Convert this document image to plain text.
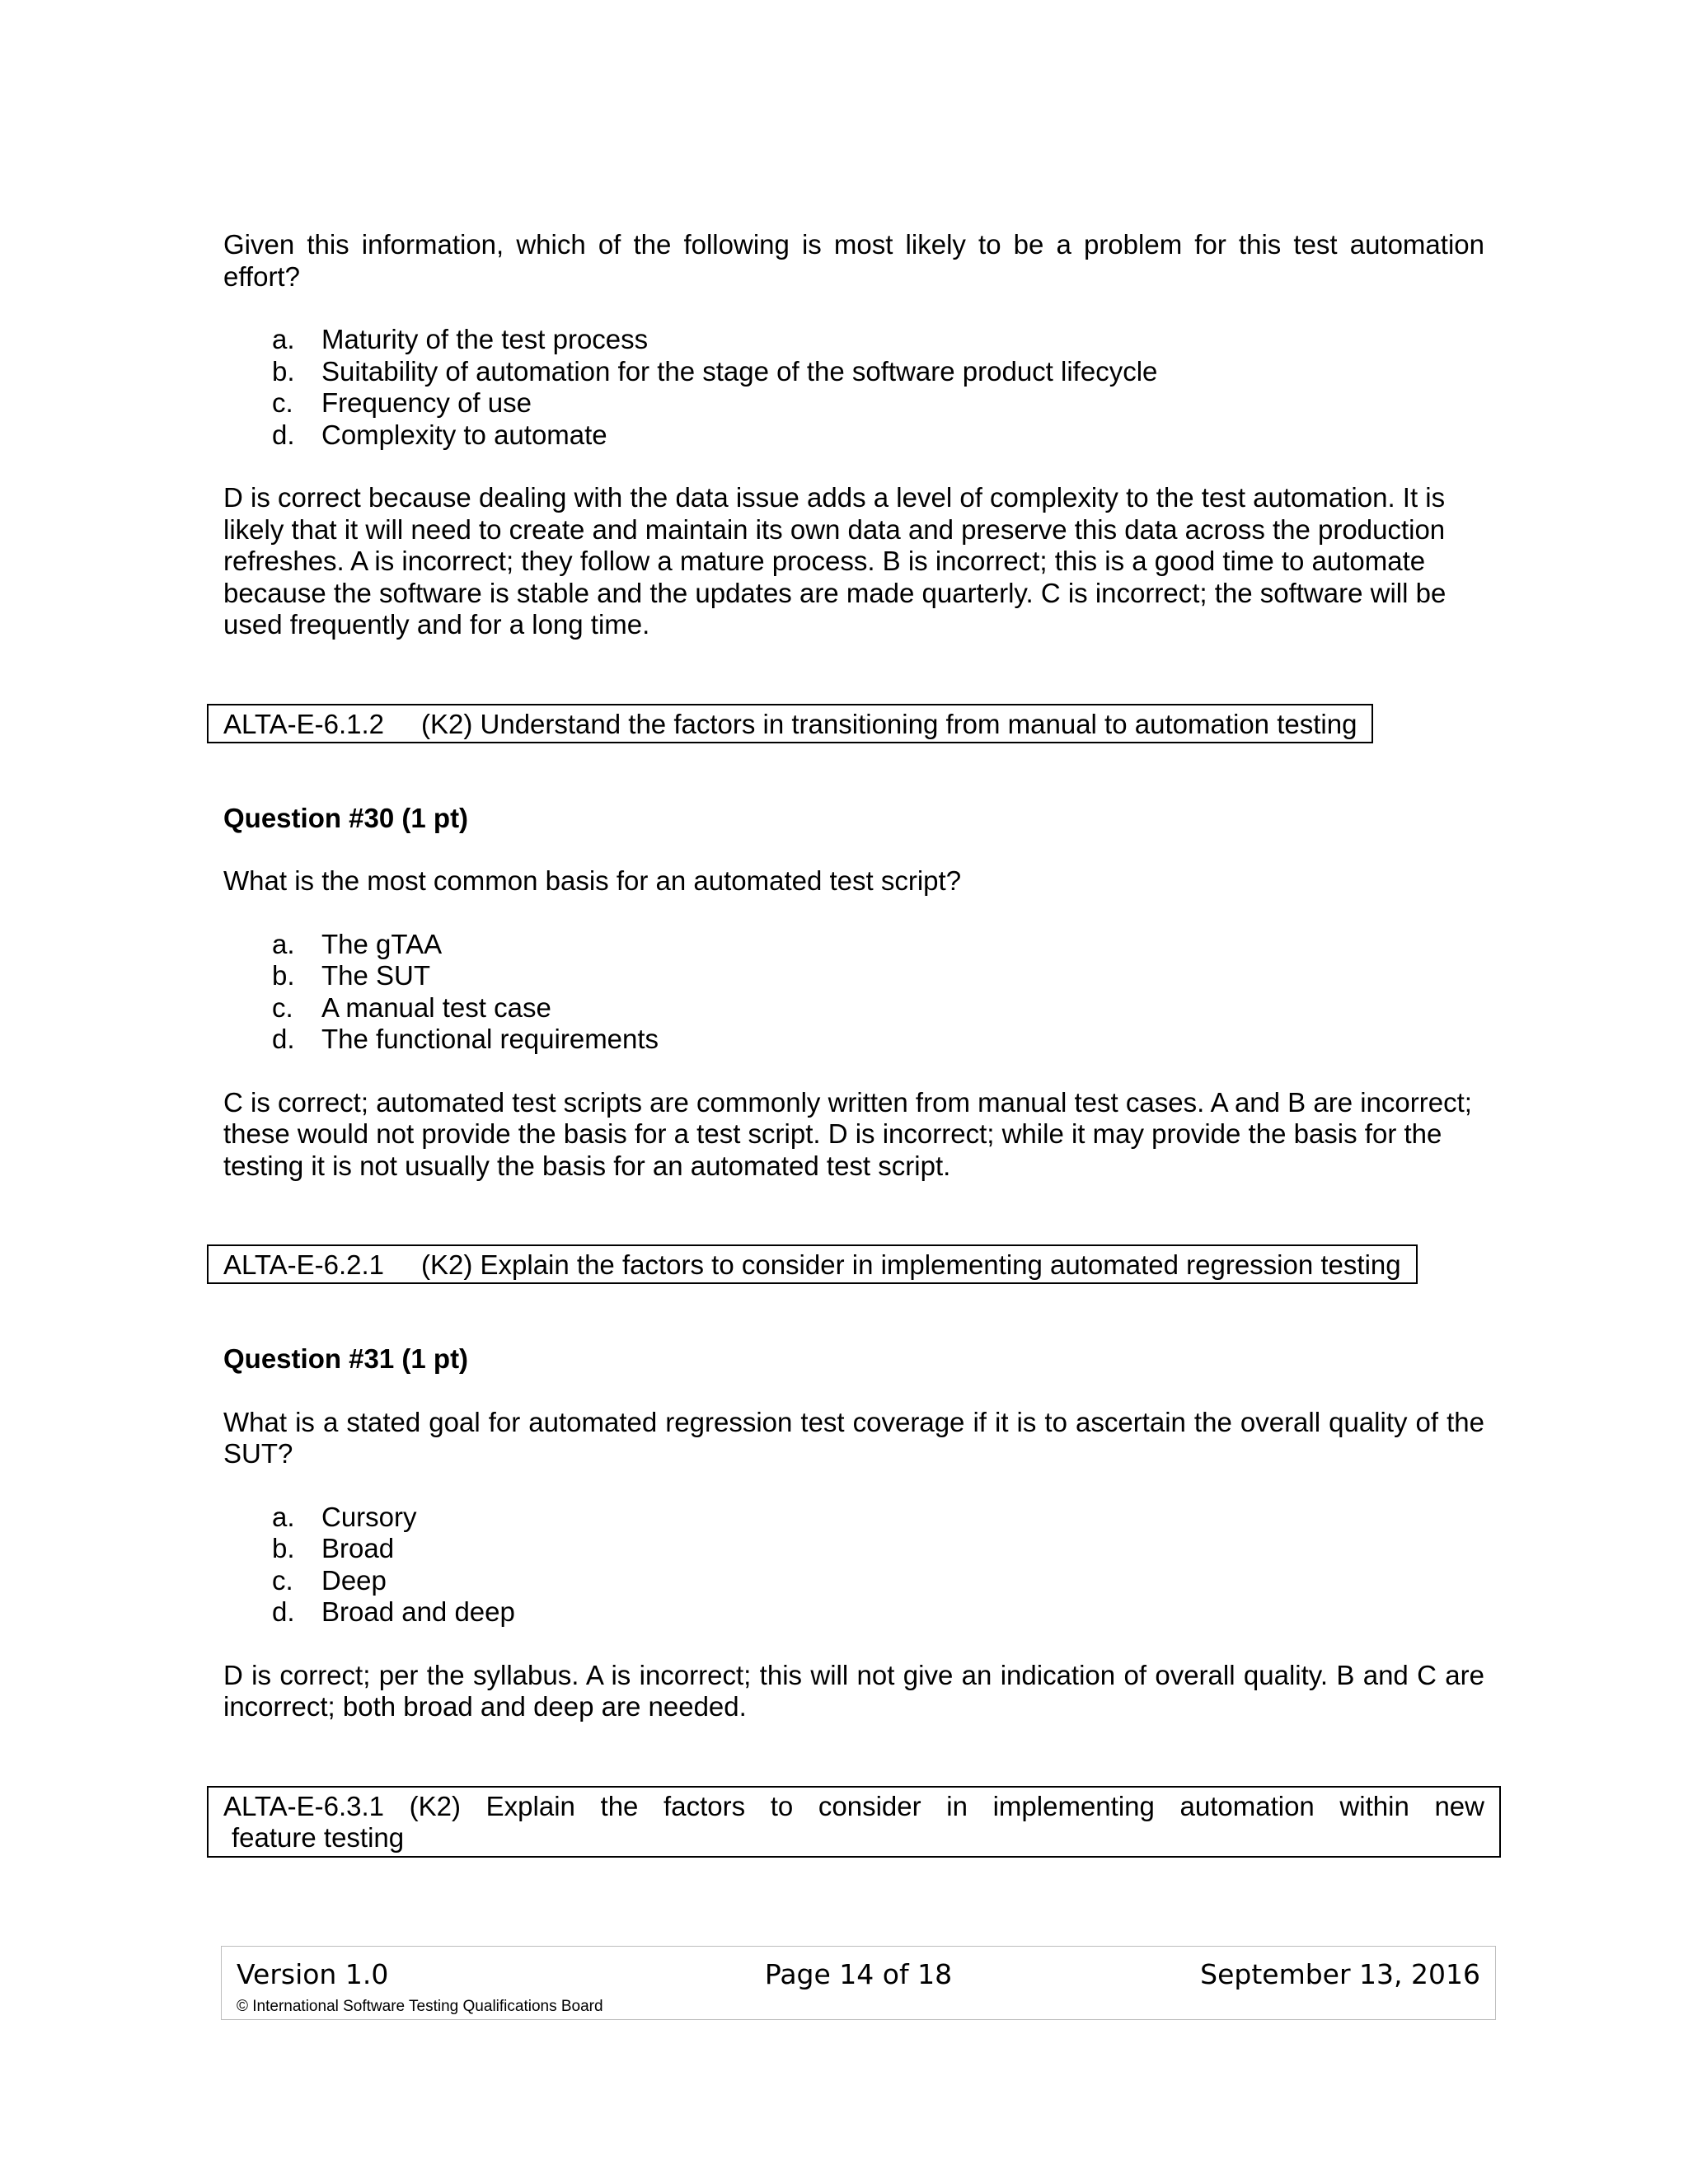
Given this information, which of the following is most likely to be a problem for this test automation effort?

a. Maturity of the test process
b. Suitability of automation for the stage of the software product lifecycle
c. Frequency of use
d. Complexity to automate

D is correct because dealing with the data issue adds a level of complexity to the test automation. It is likely that it will need to create and maintain its own data and preserve this data across the production refreshes. A is incorrect; they follow a mature process. B is incorrect; this is a good time to automate because the software is stable and the updates are made quarterly. C is incorrect; the software will be used frequently and for a long time.

ALTA-E-6.1.2 (K2) Understand the factors in transitioning from manual to automation testing

Question #30 (1 pt)

What is the most common basis for an automated test script?

a. The gTAA
b. The SUT
c. A manual test case
d. The functional requirements

C is correct; automated test scripts are commonly written from manual test cases. A and B are incorrect; these would not provide the basis for a test script. D is incorrect; while it may provide the basis for the testing it is not usually the basis for an automated test script.

ALTA-E-6.2.1 (K2) Explain the factors to consider in implementing automated regression testing

Question #31 (1 pt)

What is a stated goal for automated regression test coverage if it is to ascertain the overall quality of the SUT?

a. Cursory
b. Broad
c. Deep
d. Broad and deep

D is correct; per the syllabus. A is incorrect; this will not give an indication of overall quality. B and C are incorrect; both broad and deep are needed.

ALTA-E-6.3.1 (K2) Explain the factors to consider in implementing automation within new

feature testing

Version 1.0	Page 14 of 18	September 13, 2016
© International Software Testing Qualifications Board
